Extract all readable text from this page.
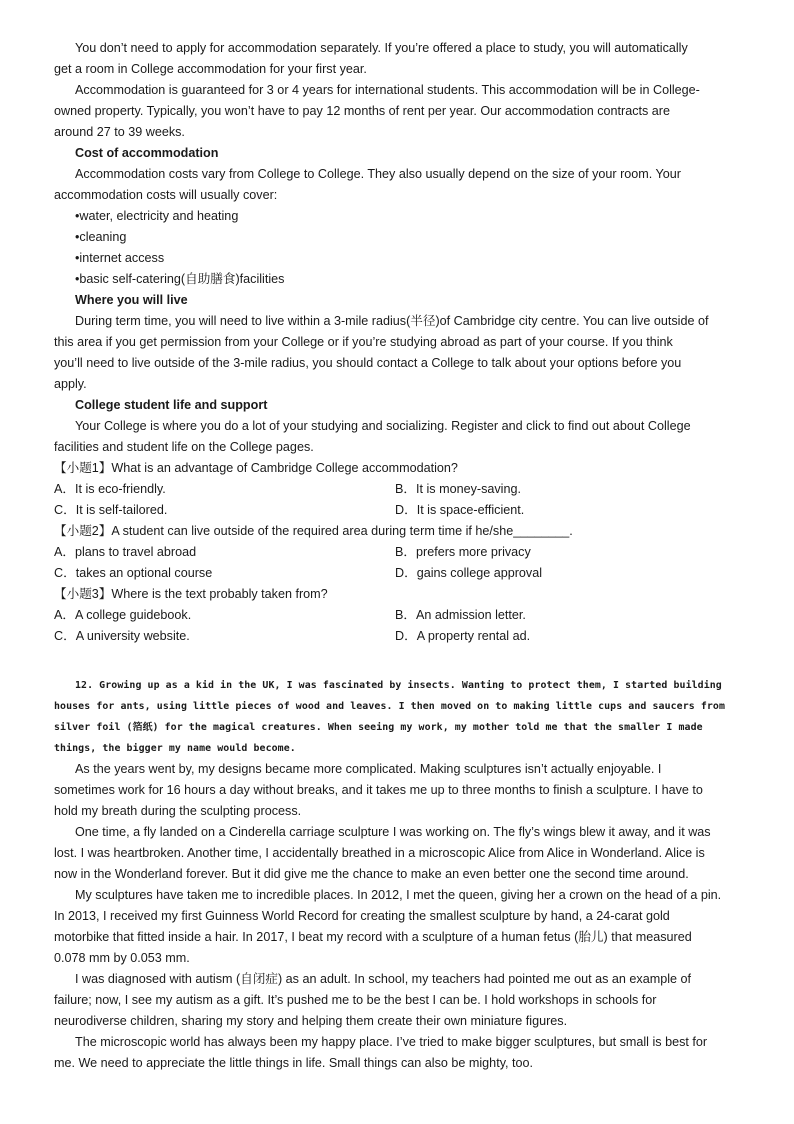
You don’t need to apply for accommodation separately. If you’re offered a place to study, you will automatically
get a room in College accommodation for your first year.
Accommodation is guaranteed for 3 or 4 years for international students. This accommodation will be in College-
owned property. Typically, you won’t have to pay 12 months of rent per year. Our accommodation contracts are
around 27 to 39 weeks.
Cost of accommodation
Accommodation costs vary from College to College. They also usually depend on the size of your room. Your
accommodation costs will usually cover:
•water, electricity and heating
•cleaning
•internet access
•basic self-catering(自助膳食)facilities
Where you will live
During term time, you will need to live within a 3-mile radius(半径)of Cambridge city centre. You can live outside of
this area if you get permission from your College or if you’re studying abroad as part of your course. If you think
you’ll need to live outside of the 3-mile radius, you should contact a College to talk about your options before you
apply.
College student life and support
Your College is where you do a lot of your studying and socializing. Register and click to find out about College
facilities and student life on the College pages.
【小题1】What is an advantage of Cambridge College accommodation?
A．It is eco-friendly.	B．It is money-saving.
C．It is self-tailored.	D．It is space-efficient.
【小题2】A student can live outside of the required area during term time if he/she________.
A．plans to travel abroad	B．prefers more privacy
C．takes an optional course	D．gains college approval
【小题3】Where is the text probably taken from?
A．A college guidebook.	B．An admission letter.
C．A university website.	D．A property rental ad.
12. Growing up as a kid in the UK, I was fascinated by insects. Wanting to protect them, I started building
houses for ants, using little pieces of wood and leaves. I then moved on to making little cups and saucers from
silver foil (箔纸) for the magical creatures. When seeing my work, my mother told me that the smaller I made
things, the bigger my name would become.
As the years went by, my designs became more complicated. Making sculptures isn’t actually enjoyable. I
sometimes work for 16 hours a day without breaks, and it takes me up to three months to finish a sculpture. I have to
hold my breath during the sculpting process.
One time, a fly landed on a Cinderella carriage sculpture I was working on. The fly’s wings blew it away, and it was
lost. I was heartbroken. Another time, I accidentally breathed in a microscopic Alice from Alice in Wonderland. Alice is
now in the Wonderland forever. But it did give me the chance to make an even better one the second time around.
My sculptures have taken me to incredible places. In 2012, I met the queen, giving her a crown on the head of a pin.
In 2013, I received my first Guinness World Record for creating the smallest sculpture by hand, a 24-carat gold
motorbike that fitted inside a hair. In 2017, I beat my record with a sculpture of a human fetus (胎儿) that measured
0.078 mm by 0.053 mm.
I was diagnosed with autism (自闭症) as an adult. In school, my teachers had pointed me out as an example of
failure; now, I see my autism as a gift. It’s pushed me to be the best I can be. I hold workshops in schools for
neurodiverse children, sharing my story and helping them create their own miniature figures.
The microscopic world has always been my happy place. I’ve tried to make bigger sculptures, but small is best for
me. We need to appreciate the little things in life. Small things can also be mighty, too.
